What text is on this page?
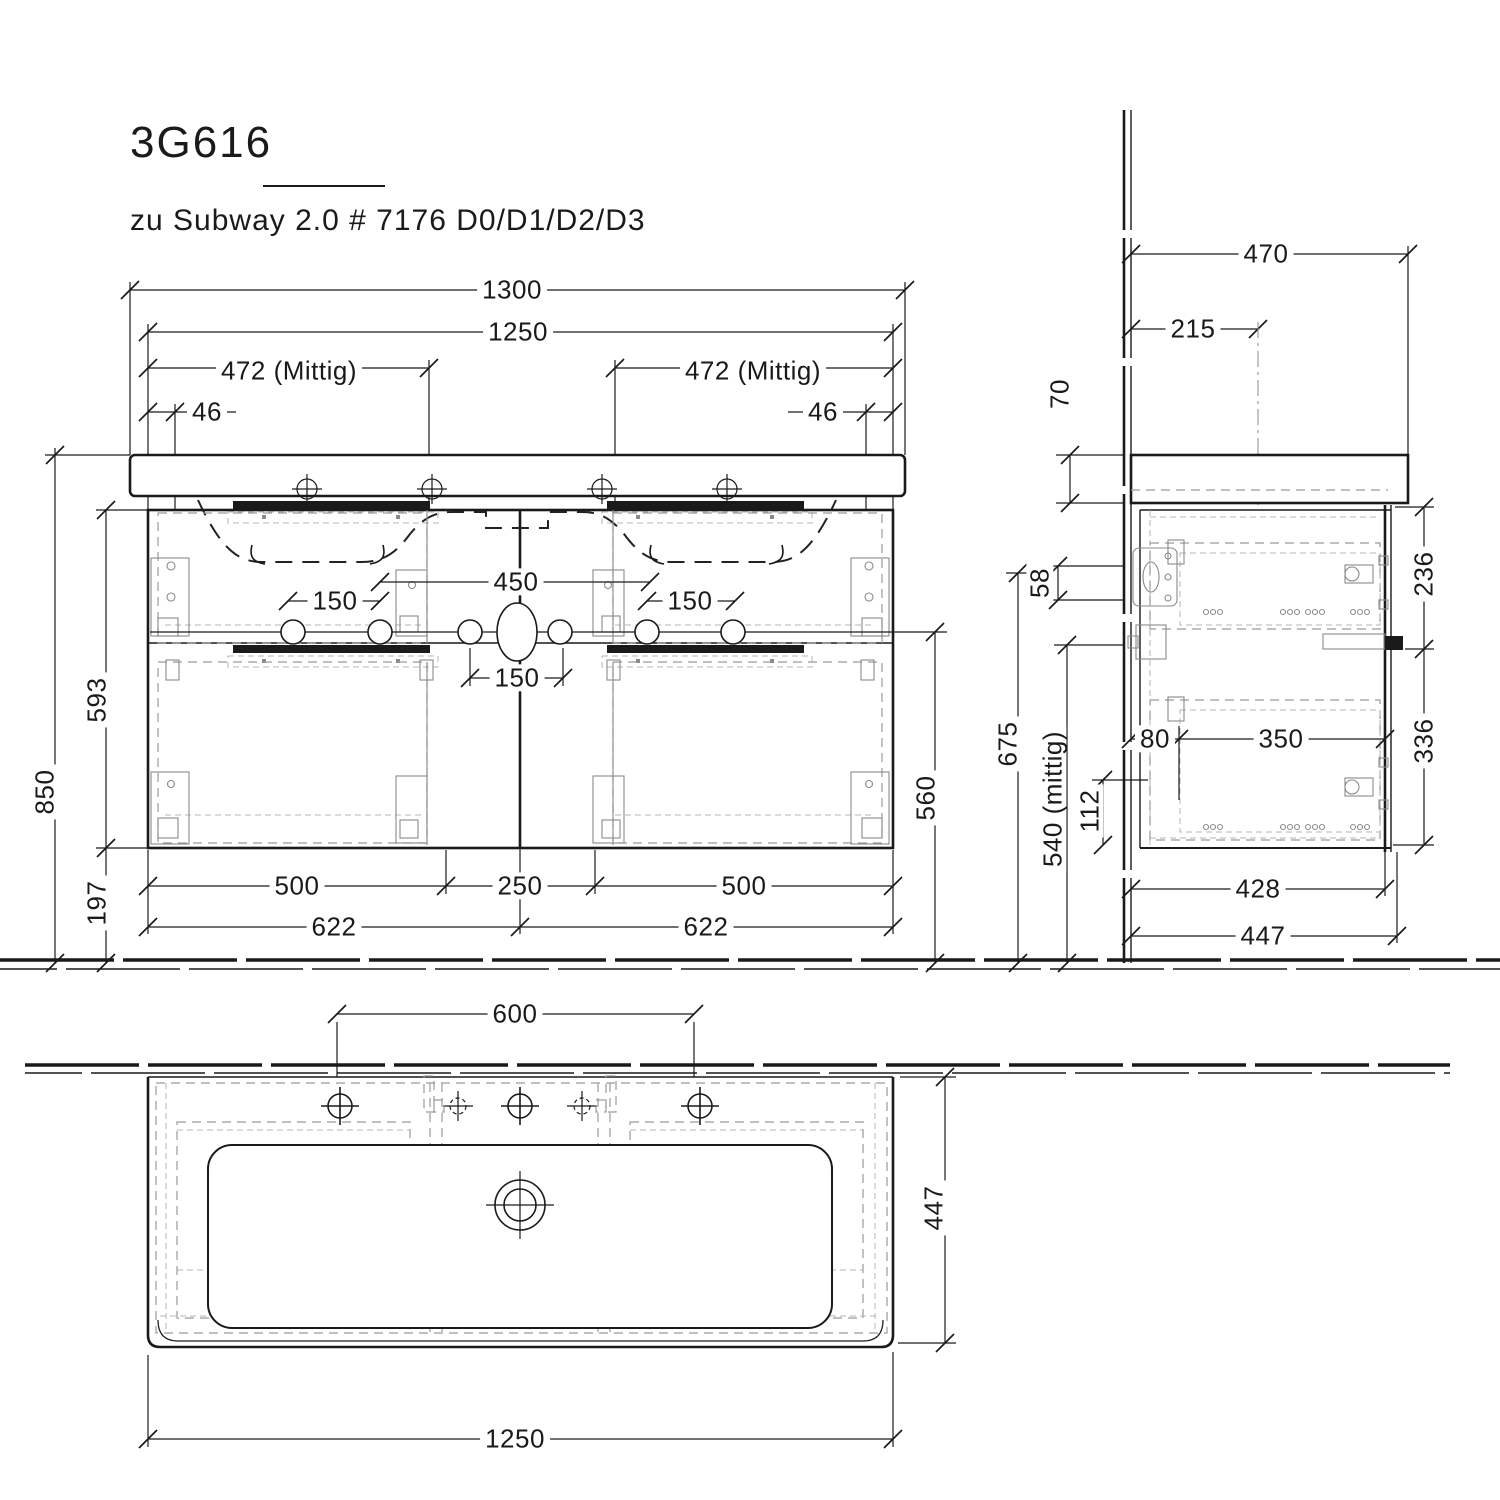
3G616
zu Subway 2.0 # 7176 D0/D1/D2/D3
1300
1250
472 (Mittig)	472 (Mittig)
46	46
450
150	150
150
850
593
197
560
500	250	500
622	622
470
215
70
58
675 540 (mittig) 112
80	350
236
336
428
447
600
447
1250
